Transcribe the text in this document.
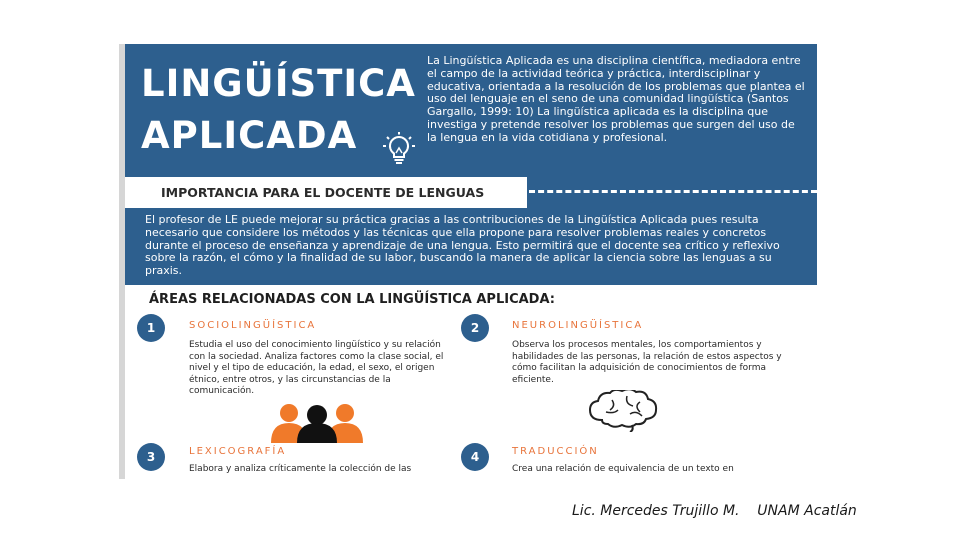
LINGÜÍSTICA
APLICADA
La Lingüística Aplicada es una disciplina científica, mediadora entre el campo de la actividad teórica y práctica, interdisciplinar y educativa, orientada a la resolución de los problemas que plantea el uso del lenguaje en el seno de una comunidad lingüística (Santos Gargallo, 1999: 10) La lingüística aplicada es la disciplina que investiga y pretende resolver los problemas que surgen del uso de la lengua en la vida cotidiana y profesional.
IMPORTANCIA PARA EL DOCENTE DE LENGUAS
El profesor de LE puede mejorar su práctica gracias a las contribuciones de la Lingüística Aplicada pues resulta necesario que considere los métodos y las técnicas que ella propone para resolver problemas reales y concretos durante el proceso de enseñanza y aprendizaje de una lengua. Esto permitirá que el docente sea crítico y reflexivo sobre la razón, el cómo y la finalidad de su labor, buscando la manera de aplicar la ciencia sobre las lenguas a su praxis.
ÁREAS RELACIONADAS CON LA LINGÜÍSTICA APLICADA:
1	SOCIOLINGÜÍSTICA
Estudia el uso del conocimiento lingüístico y su relación con la sociedad. Analiza factores como la clase social, el nivel y el tipo de educación, la edad, el sexo, el origen étnico, entre otros, y las circunstancias de la comunicación.
2	NEUROLINGÜÍSTICA
Observa los procesos mentales, los comportamientos y habilidades de las personas, la relación de estos aspectos y cómo facilitan la adquisición de conocimientos de forma eficiente.
3	LEXICOGRAFÍA
Elabora y analiza críticamente la colección de las
4	TRADUCCIÓN
Crea una relación de equivalencia de un texto en
Lic. Mercedes Trujillo M.    UNAM Acatlán
